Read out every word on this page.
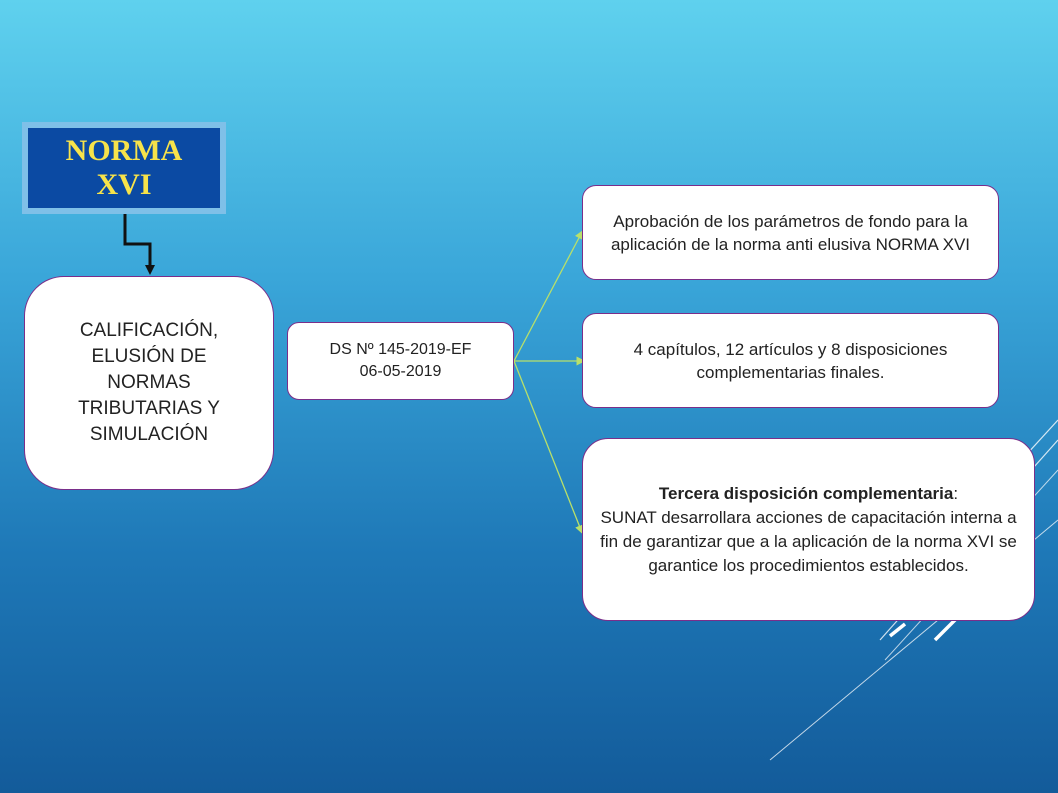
NORMA
XVI
CALIFICACIÓN,
ELUSIÓN DE
NORMAS
TRIBUTARIAS Y
SIMULACIÓN
DS Nº 145-2019-EF
06-05-2019
Aprobación de los parámetros de fondo para la aplicación de la norma anti elusiva NORMA XVI
4 capítulos, 12 artículos y 8 disposiciones complementarias finales.
Tercera disposición complementaria:
SUNAT desarrollara acciones de capacitación interna a fin de garantizar que a la aplicación de la norma XVI se garantice los procedimientos establecidos.
